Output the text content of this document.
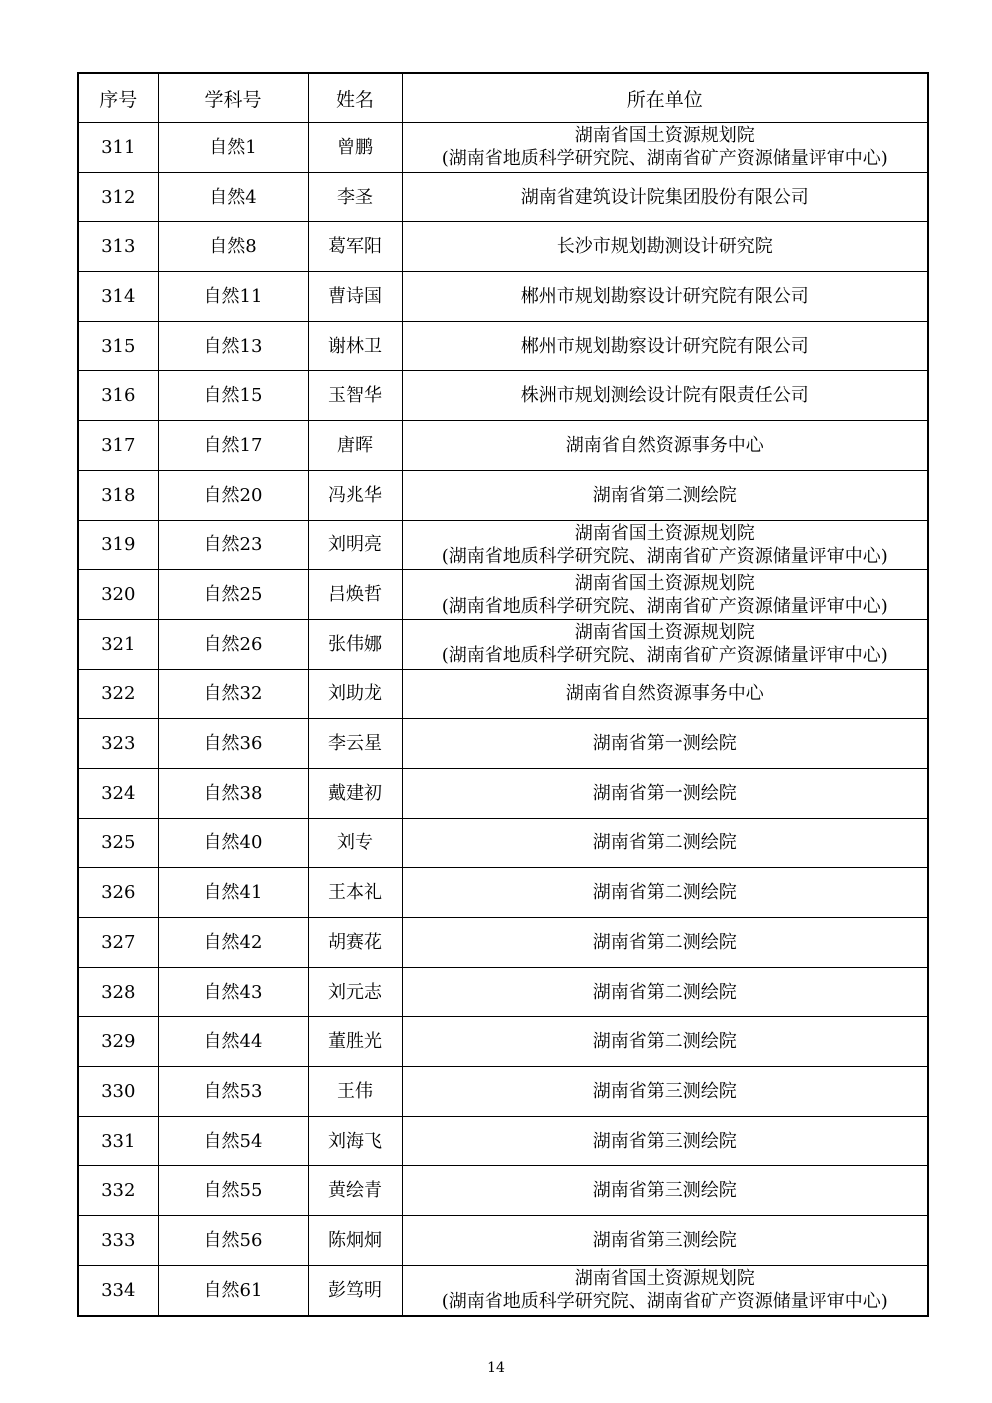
序号	学科号	姓名	所在单位
311	自然1	曾鹏	湖南省国土资源规划院
(湖南省地质科学研究院、湖南省矿产资源储量评审中心)

312	自然4	李圣	湖南省建筑设计院集团股份有限公司

313	自然8	葛军阳	长沙市规划勘测设计研究院

314	自然11	曹诗国	郴州市规划勘察设计研究院有限公司

315	自然13	谢林卫	郴州市规划勘察设计研究院有限公司

316	自然15	玉智华	株洲市规划测绘设计院有限责任公司

317	自然17	唐晖	湖南省自然资源事务中心

318	自然20	冯兆华	湖南省第二测绘院

319	自然23	刘明亮	湖南省国土资源规划院
(湖南省地质科学研究院、湖南省矿产资源储量评审中心)

320	自然25	吕焕哲	湖南省国土资源规划院
(湖南省地质科学研究院、湖南省矿产资源储量评审中心)

321	自然26	张伟娜	湖南省国土资源规划院
(湖南省地质科学研究院、湖南省矿产资源储量评审中心)

322	自然32	刘助龙	湖南省自然资源事务中心

323	自然36	李云星	湖南省第一测绘院

324	自然38	戴建初	湖南省第一测绘院

325	自然40	刘专	湖南省第二测绘院

326	自然41	王本礼	湖南省第二测绘院

327	自然42	胡赛花	湖南省第二测绘院

328	自然43	刘元志	湖南省第二测绘院

329	自然44	董胜光	湖南省第二测绘院

330	自然53	王伟	湖南省第三测绘院

331	自然54	刘海飞	湖南省第三测绘院

332	自然55	黄绘青	湖南省第三测绘院

333	自然56	陈炯炯	湖南省第三测绘院

334	自然61	彭笃明	湖南省国土资源规划院
(湖南省地质科学研究院、湖南省矿产资源储量评审中心)
14
